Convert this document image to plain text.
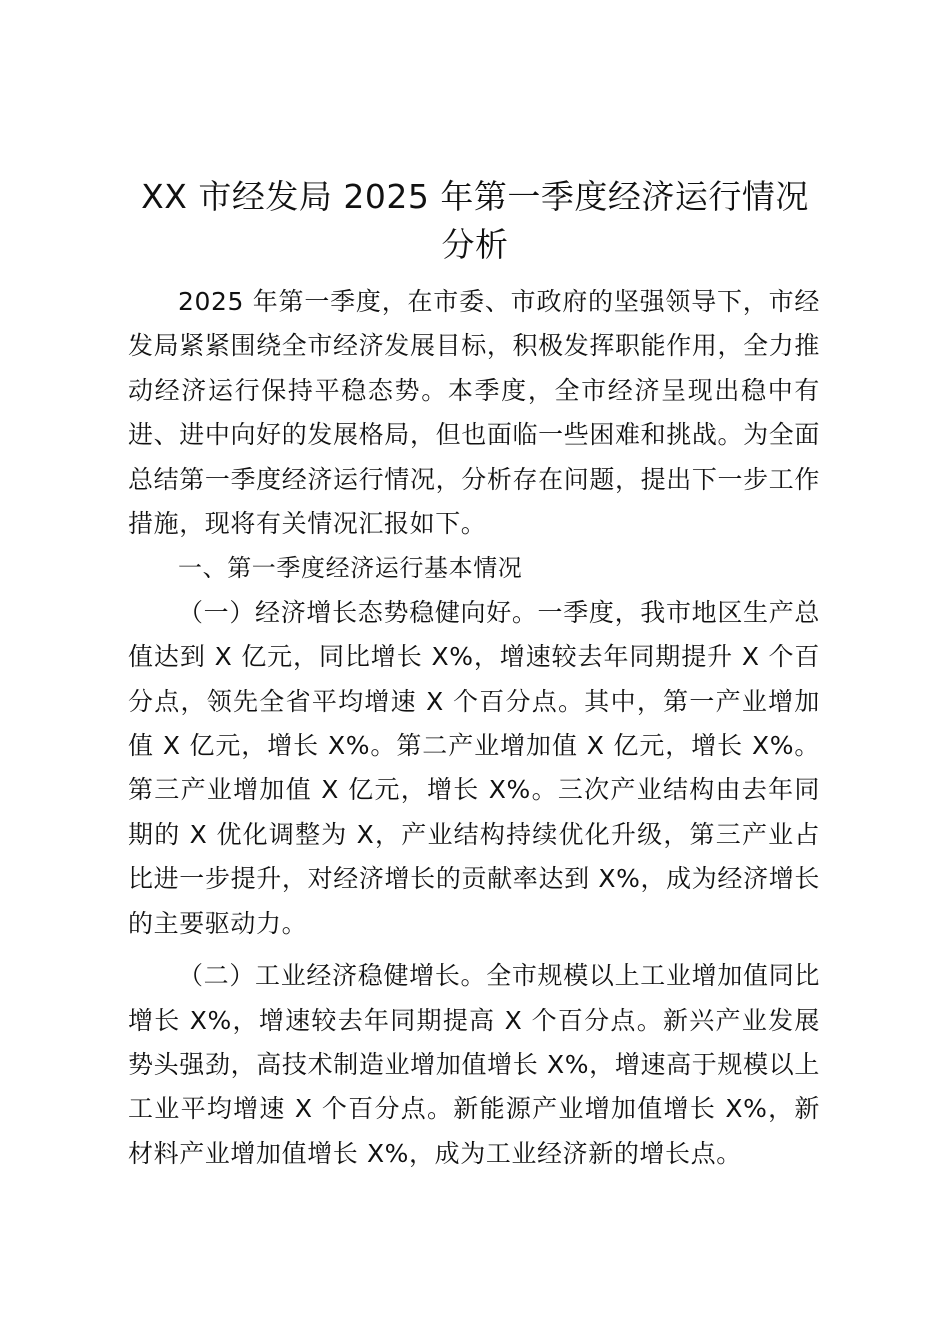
XX 市经发局 2025 年第一季度经济运行情况
分析

2025 年第一季度，在市委、市政府的坚强领导下，市经发局紧紧围绕全市经济发展目标，积极发挥职能作用，全力推动经济运行保持平稳态势。本季度，全市经济呈现出稳中有进、进中向好的发展格局，但也面临一些困难和挑战。为全面总结第一季度经济运行情况，分析存在问题，提出下一步工作措施，现将有关情况汇报如下。

一、第一季度经济运行基本情况

（一）经济增长态势稳健向好。一季度，我市地区生产总值达到 X 亿元，同比增长 X%，增速较去年同期提升 X 个百分点，领先全省平均增速 X 个百分点。其中，第一产业增加值 X 亿元，增长 X%。第二产业增加值 X 亿元，增长 X%。第三产业增加值 X 亿元，增长 X%。三次产业结构由去年同期的 X 优化调整为 X，产业结构持续优化升级，第三产业占比进一步提升，对经济增长的贡献率达到 X%，成为经济增长的主要驱动力。

（二）工业经济稳健增长。全市规模以上工业增加值同比增长 X%，增速较去年同期提高 X 个百分点。新兴产业发展势头强劲，高技术制造业增加值增长 X%，增速高于规模以上工业平均增速 X 个百分点。新能源产业增加值增长 X%，新材料产业增加值增长 X%，成为工业经济新的增长点。
